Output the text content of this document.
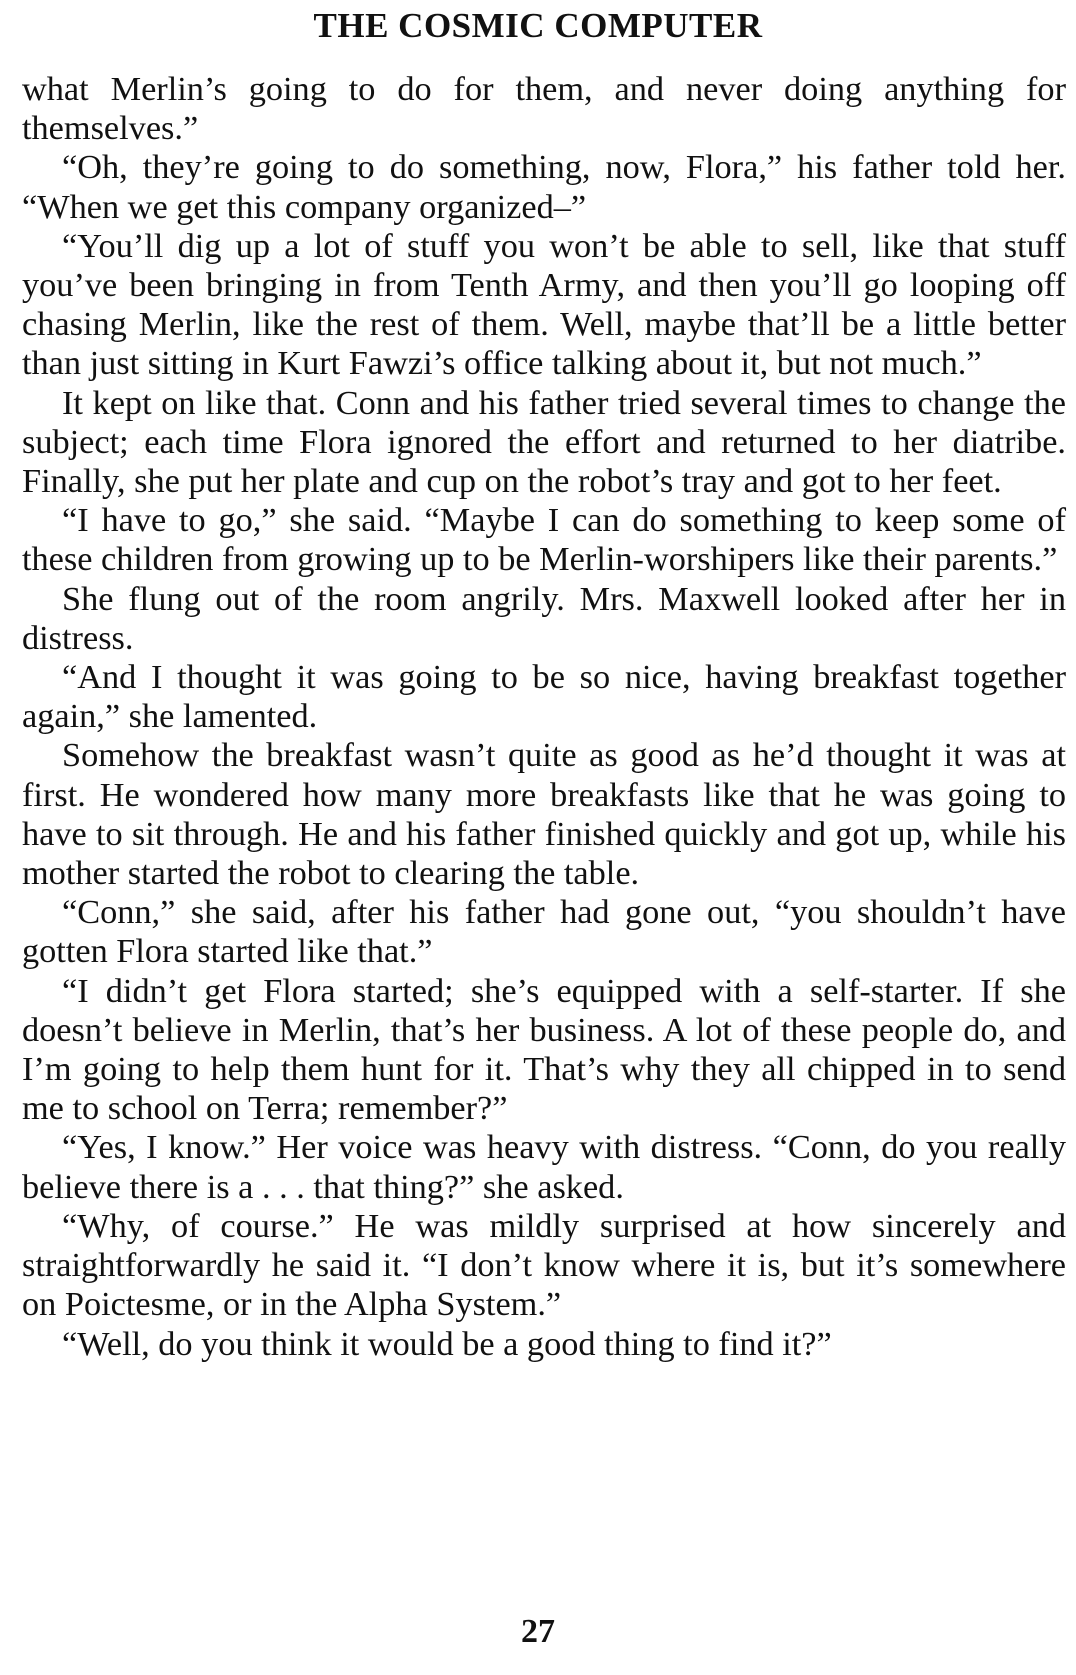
THE COSMIC COMPUTER

what Merlin’s going to do for them, and never doing anything for themselves.”

“Oh, they’re going to do something, now, Flora,” his father told her. “When we get this company organized–”

“You’ll dig up a lot of stuff you won’t be able to sell, like that stuff you’ve been bringing in from Tenth Army, and then you’ll go looping off chasing Merlin, like the rest of them. Well, maybe that’ll be a little better than just sitting in Kurt Fawzi’s office talking about it, but not much.”

It kept on like that. Conn and his father tried several times to change the subject; each time Flora ignored the effort and returned to her diatribe. Finally, she put her plate and cup on the robot’s tray and got to her feet.

“I have to go,” she said. “Maybe I can do something to keep some of these children from growing up to be Merlin-worshipers like their parents.”

She flung out of the room angrily. Mrs. Maxwell looked after her in distress.

“And I thought it was going to be so nice, having breakfast together again,” she lamented.

Somehow the breakfast wasn’t quite as good as he’d thought it was at first. He wondered how many more breakfasts like that he was going to have to sit through. He and his father finished quickly and got up, while his mother started the robot to clearing the table.

“Conn,” she said, after his father had gone out, “you shouldn’t have gotten Flora started like that.”

“I didn’t get Flora started; she’s equipped with a self-starter. If she doesn’t believe in Merlin, that’s her business. A lot of these people do, and I’m going to help them hunt for it. That’s why they all chipped in to send me to school on Terra; remember?”

“Yes, I know.” Her voice was heavy with distress. “Conn, do you really believe there is a . . . that thing?” she asked.

“Why, of course.” He was mildly surprised at how sincerely and straightforwardly he said it. “I don’t know where it is, but it’s somewhere on Poictesme, or in the Alpha System.”

“Well, do you think it would be a good thing to find it?”

27
